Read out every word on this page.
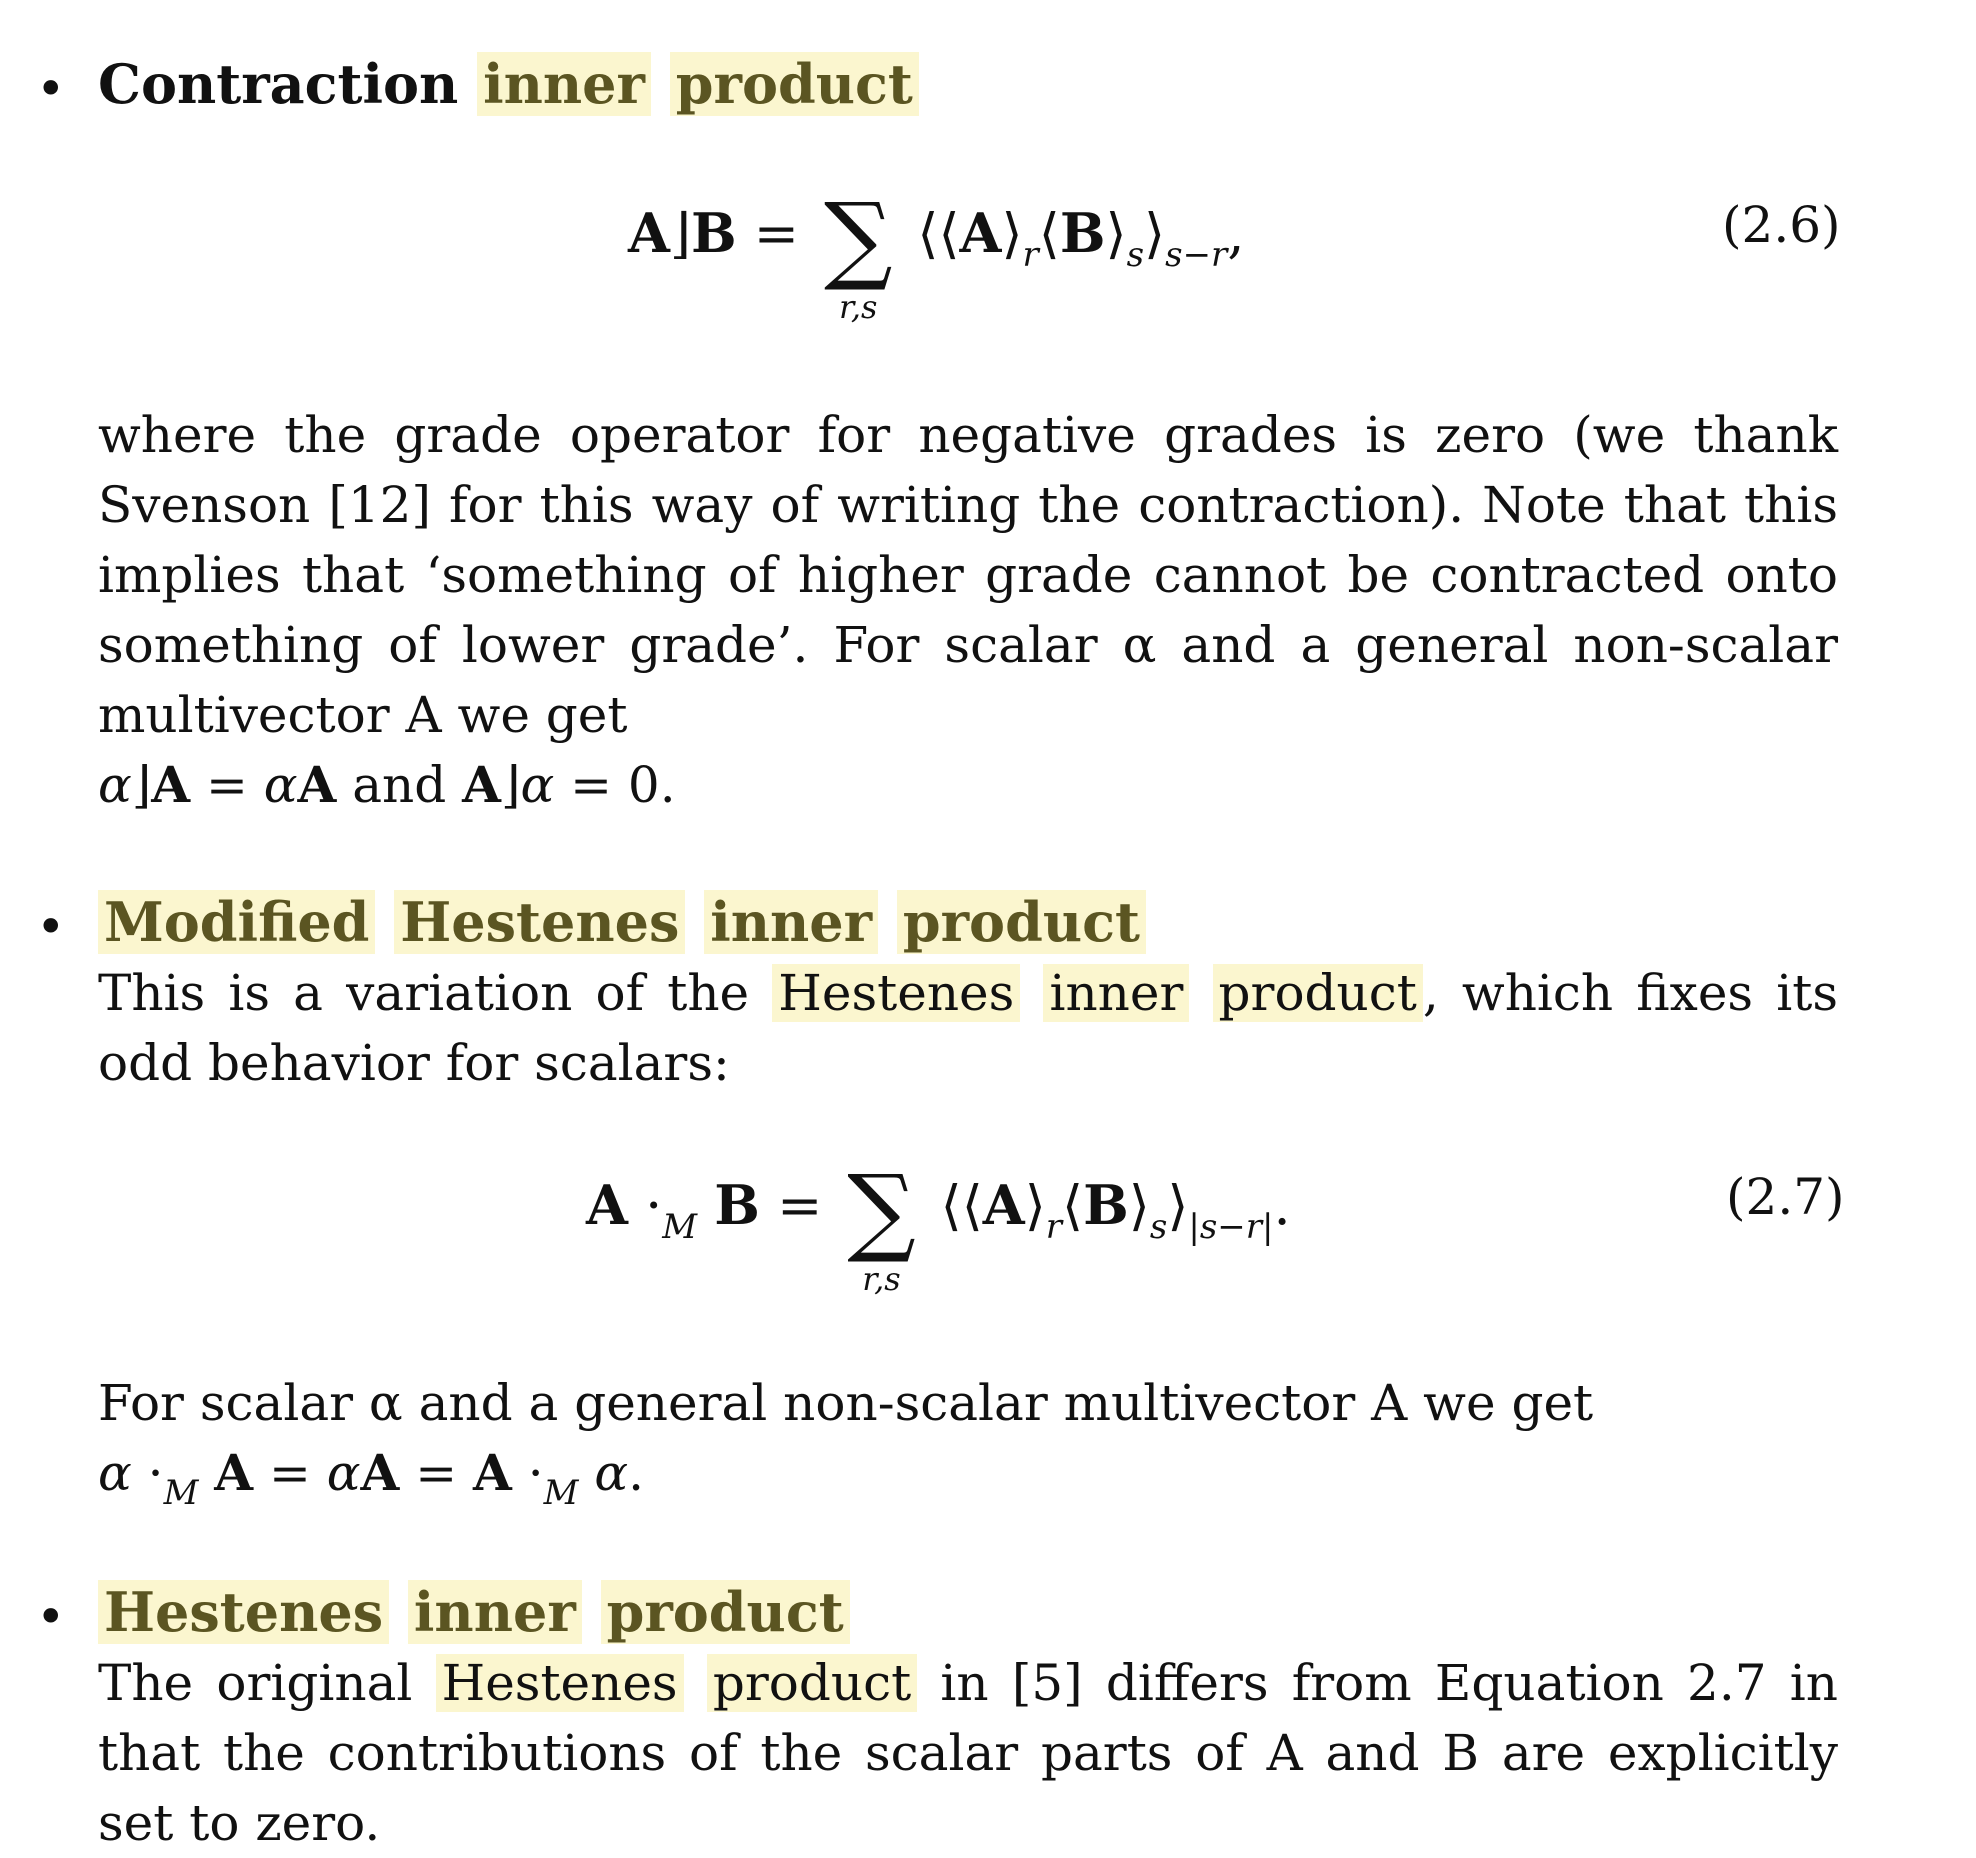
• Contraction inner product
A⌋B = ∑
r,s
$⟨⟨A⟩_r⟨B⟩_s⟩_{s-r}$,	(2.6)
where the grade operator for negative grades is zero (we thank Svenson [12] for this way of writing the contraction). Note that this implies that ‘something of higher grade cannot be contracted onto something of lower grade’. For scalar α and a general non-scalar multivector A we get
α⌋A = αA and A⌋α = 0.
• Modified Hestenes inner product
This is a variation of the Hestenes inner product , which fixes its odd behavior for scalars:
$A \cdot_M$ B = ∑
r,s
$⟨⟨A⟩_r⟨B⟩_s⟩_{|s-r|}$.	(2.7)
For scalar α and a general non-scalar multivector A we get
$\alpha \cdot_M$ $A = \alpha A = A \cdot_M$ α.
• Hestenes inner product
The original Hestenes product in [5] differs from Equation 2.7 in that the contributions of the scalar parts of A and B are explicitly set to zero.
